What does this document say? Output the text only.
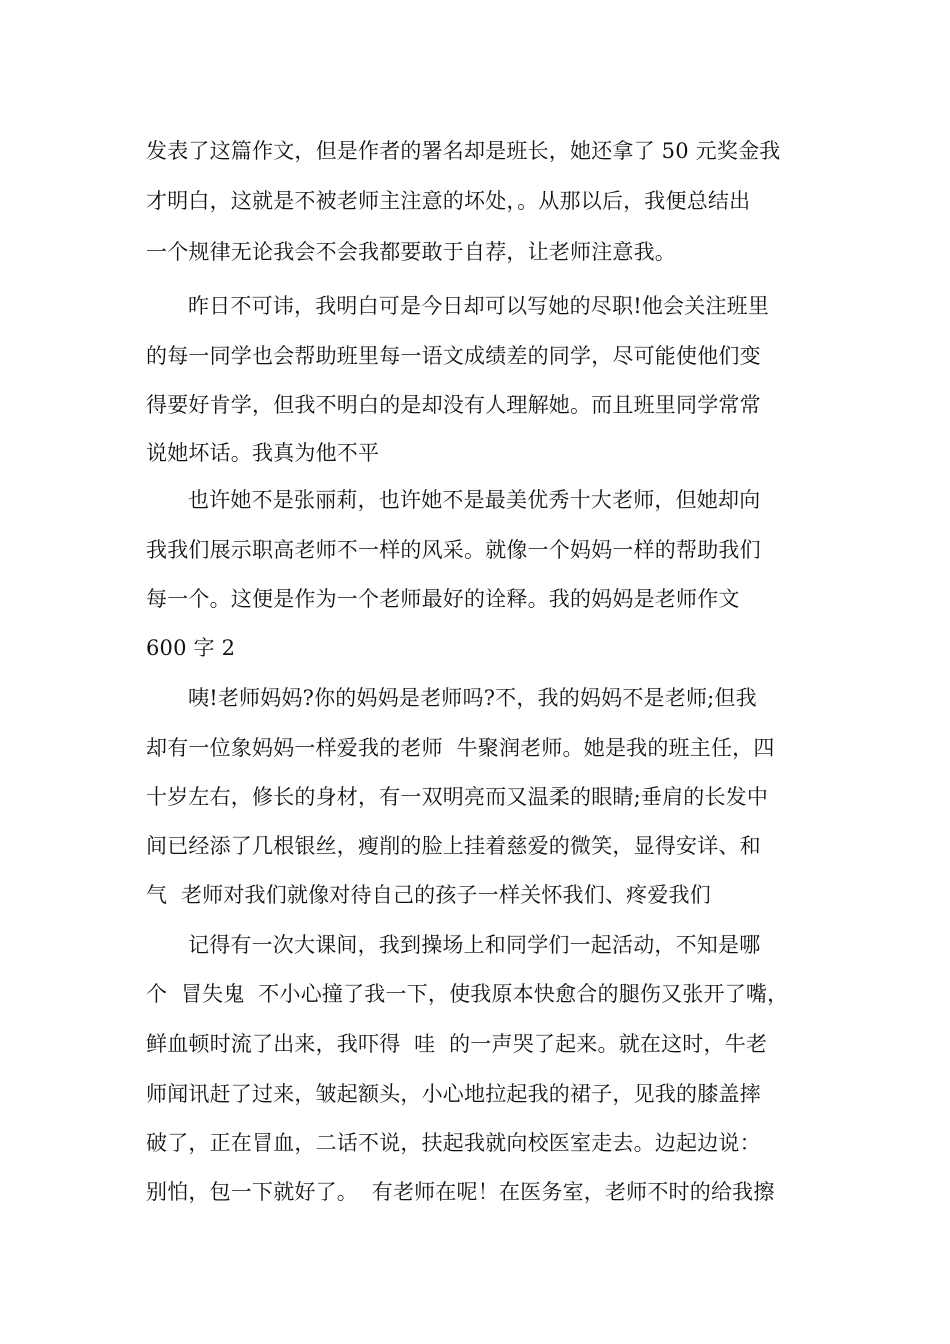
发表了这篇作文，但是作者的署名却是班长，她还拿了 50 元奖金我
才明白，这就是不被老师主注意的坏处，。从那以后，我便总结出
一个规律无论我会不会我都要敢于自荐，让老师注意我。
昨日不可讳，我明白可是今日却可以写她的尽职!他会关注班里
的每一同学也会帮助班里每一语文成绩差的同学，尽可能使他们变
得要好肯学，但我不明白的是却没有人理解她。而且班里同学常常
说她坏话。我真为他不平
也许她不是张丽莉，也许她不是最美优秀十大老师，但她却向
我我们展示职高老师不一样的风采。就像一个妈妈一样的帮助我们
每一个。这便是作为一个老师最好的诠释。我的妈妈是老师作文
600 字 2
咦!老师妈妈?你的妈妈是老师吗?不，我的妈妈不是老师;但我
却有一位象妈妈一样爱我的老师  牛聚润老师。她是我的班主任，四
十岁左右，修长的身材，有一双明亮而又温柔的眼睛;垂肩的长发中
间已经添了几根银丝，瘦削的脸上挂着慈爱的微笑，显得安详、和
气  老师对我们就像对待自己的孩子一样关怀我们、疼爱我们
记得有一次大课间，我到操场上和同学们一起活动，不知是哪
个  冒失鬼  不小心撞了我一下，使我原本快愈合的腿伤又张开了嘴，
鲜血顿时流了出来，我吓得  哇  的一声哭了起来。就在这时，牛老
师闻讯赶了过来，皱起额头，小心地拉起我的裙子，见我的膝盖摔
破了，正在冒血，二话不说，扶起我就向校医室走去。边起边说：
别怕，包一下就好了。  有老师在呢！在医务室，老师不时的给我擦
